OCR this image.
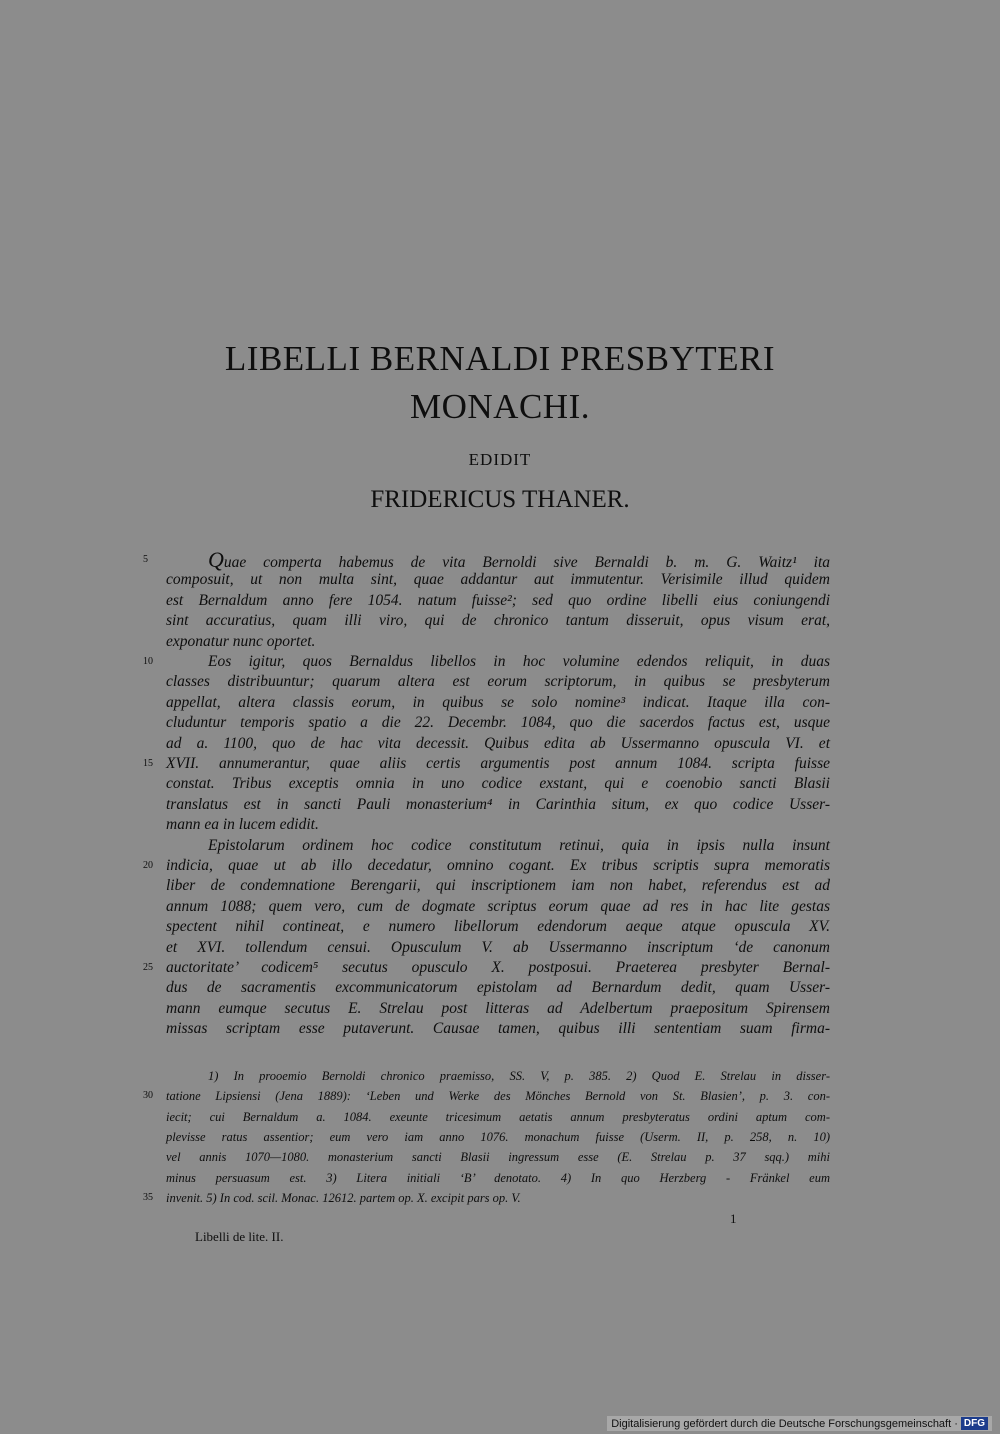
LIBELLI BERNALDI PRESBYTERI
MONACHI.
EDIDIT
FRIDERICUS THANER.
5	Quae comperta habemus de vita Bernoldi sive Bernaldi b. m. G. Waitz¹ ita
composuit, ut non multa sint, quae addantur aut immutentur. Verisimile illud quidem
est Bernaldum anno fere 1054. natum fuisse²; sed quo ordine libelli eius coniungendi
sint accuratius, quam illi viro, qui de chronico tantum disseruit, opus visum erat,
exponatur nunc oportet.
10	Eos igitur, quos Bernaldus libellos in hoc volumine edendos reliquit, in duas
classes distribuuntur; quarum altera est eorum scriptorum, in quibus se presbyterum
appellat, altera classis eorum, in quibus se solo nomine³ indicat. Itaque illa con-
cluduntur temporis spatio a die 22. Decembr. 1084, quo die sacerdos factus est, usque
ad a. 1100, quo de hac vita decessit. Quibus edita ab Ussermanno opuscula VI. et
15 XVII. annumerantur, quae aliis certis argumentis post annum 1084. scripta fuisse
constat. Tribus exceptis omnia in uno codice exstant, qui e coenobio sancti Blasii
translatus est in sancti Pauli monasterium⁴ in Carinthia situm, ex quo codice Usser-
mann ea in lucem edidit.
Epistolarum ordinem hoc codice constitutum retinui, quia in ipsis nulla insunt
20 indicia, quae ut ab illo decedatur, omnino cogant. Ex tribus scriptis supra memoratis
liber de condemnatione Berengarii, qui inscriptionem iam non habet, referendus est ad
annum 1088; quem vero, cum de dogmate scriptus eorum quae ad res in hac lite gestas
spectent nihil contineat, e numero libellorum edendorum aeque atque opuscula XV.
et XVI. tollendum censui. Opusculum V. ab Ussermanno inscriptum ‘de canonum
25 auctoritate’ codicem⁵ secutus opusculo X. postposui. Praeterea presbyter Bernal-
dus de sacramentis excommunicatorum epistolam ad Bernardum dedit, quam Usser-
mann eumque secutus E. Strelau post litteras ad Adelbertum praepositum Spirensem
missas scriptam esse putaverunt. Causae tamen, quibus illi sententiam suam firma-
1) In prooemio Bernoldi chronico praemisso, SS. V, p. 385. 2) Quod E. Strelau in disser-
30 tatione Lipsiensi (Jena 1889): ‘Leben und Werke des Mönches Bernold von St. Blasien’, p. 3. con-
iecit; cui Bernaldum a. 1084. exeunte tricesimum aetatis annum presbyteratus ordini aptum com-
plevisse ratus assentior; eum vero iam anno 1076. monachum fuisse (Userm. II, p. 258, n. 10)
vel annis 1070—1080. monasterium sancti Blasii ingressum esse (E. Strelau p. 37 sqq.) mihi
minus persuasum est. 3) Litera initiali ‘B’ denotato. 4) In quo Herzberg - Fränkel eum
35 invenit. 5) In cod. scil. Monac. 12612. partem op. X. excipit pars op. V.
1
Libelli de lite. II.
Digitalisierung gefördert durch die Deutsche Forschungsgemeinschaft · DFG
